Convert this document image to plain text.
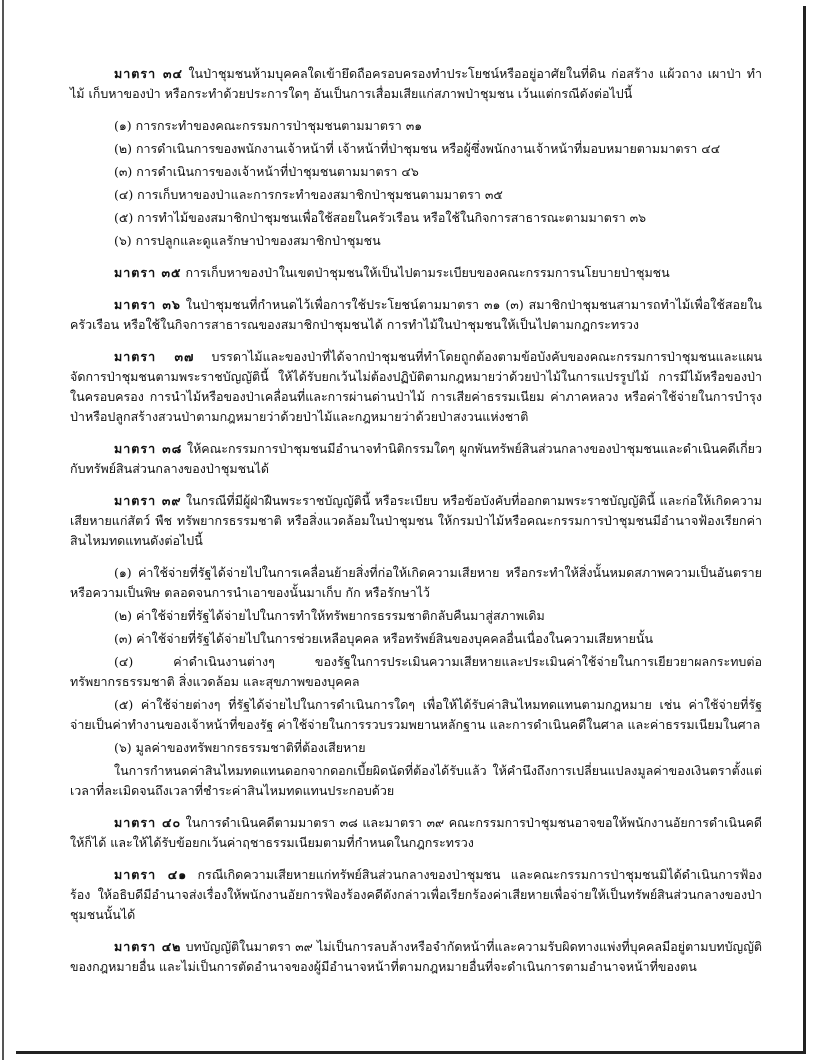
มาตรา ๓๔ ในป่าชุมชนห้ามบุคคลใดเข้ายึดถือครอบครองทำประโยชน์หรืออยู่อาศัยในที่ดิน ก่อสร้าง แผ้วถาง เผาป่า ทำไม้ เก็บหาของป่า หรือกระทำด้วยประการใดๆ อันเป็นการเสื่อมเสียแก่สภาพป่าชุมชน เว้นแต่กรณีดังต่อไปนี้

(๑) การกระทำของคณะกรรมการป่าชุมชนตามมาตรา ๓๑

(๒) การดำเนินการของพนักงานเจ้าหน้าที่ เจ้าหน้าที่ป่าชุมชน หรือผู้ซึ่งพนักงานเจ้าหน้าที่มอบหมายตามมาตรา ๔๔

(๓) การดำเนินการของเจ้าหน้าที่ป่าชุมชนตามมาตรา ๔๖

(๔) การเก็บหาของป่าและการกระทำของสมาชิกป่าชุมชนตามมาตรา ๓๕

(๕) การทำไม้ของสมาชิกป่าชุมชนเพื่อใช้สอยในครัวเรือน หรือใช้ในกิจการสาธารณะตามมาตรา ๓๖

(๖) การปลูกและดูแลรักษาป่าของสมาชิกป่าชุมชน

มาตรา ๓๕ การเก็บหาของป่าในเขตป่าชุมชนให้เป็นไปตามระเบียบของคณะกรรมการนโยบายป่าชุมชน

มาตรา ๓๖ ในป่าชุมชนที่กำหนดไว้เพื่อการใช้ประโยชน์ตามมาตรา ๓๑ (๓) สมาชิกป่าชุมชนสามารถทำไม้เพื่อใช้สอยในครัวเรือน หรือใช้ในกิจการสาธารณของสมาชิกป่าชุมชนได้ การทำไม้ในป่าชุมชนให้เป็นไปตามกฎกระทรวง

มาตรา ๓๗ บรรดาไม้และของป่าที่ได้จากป่าชุมชนที่ทำโดยถูกต้องตามข้อบังคับของคณะกรรมการป่าชุมชนและแผนจัดการป่าชุมชนตามพระราชบัญญัตินี้ ให้ได้รับยกเว้นไม่ต้องปฏิบัติตามกฎหมายว่าด้วยป่าไม้ในการแปรรูปไม้ การมีไม้หรือของป่าในครอบครอง การนำไม้หรือของป่าเคลื่อนที่และการผ่านด่านป่าไม้ การเสียค่าธรรมเนียม ค่าภาคหลวง หรือค่าใช้จ่ายในการบำรุงป่าหรือปลูกสร้างสวนป่าตามกฎหมายว่าด้วยป่าไม้และกฎหมายว่าด้วยป่าสงวนแห่งชาติ

มาตรา ๓๘ ให้คณะกรรมการป่าชุมชนมีอำนาจทำนิติกรรมใดๆ ผูกพันทรัพย์สินส่วนกลางของป่าชุมชนและดำเนินคดีเกี่ยวกับทรัพย์สินส่วนกลางของป่าชุมชนได้

มาตรา ๓๙ ในกรณีที่มีผู้ฝ่าฝืนพระราชบัญญัตินี้ หรือระเบียบ หรือข้อบังคับที่ออกตามพระราชบัญญัตินี้ และก่อให้เกิดความเสียหายแก่สัตว์ พืช ทรัพยากรธรรมชาติ หรือสิ่งแวดล้อมในป่าชุมชน ให้กรมป่าไม้หรือคณะกรรมการป่าชุมชนมีอำนาจฟ้องเรียกค่าสินไหมทดแทนดังต่อไปนี้

(๑) ค่าใช้จ่ายที่รัฐได้จ่ายไปในการเคลื่อนย้ายสิ่งที่ก่อให้เกิดความเสียหาย หรือกระทำให้สิ่งนั้นหมดสภาพความเป็นอันตราย หรือความเป็นพิษ ตลอดจนการนำเอาของนั้นมาเก็บ กัก หรือรักษาไว้

(๒) ค่าใช้จ่ายที่รัฐได้จ่ายไปในการทำให้ทรัพยากรธรรมชาติกลับคืนมาสู่สภาพเดิม

(๓) ค่าใช้จ่ายที่รัฐได้จ่ายไปในการช่วยเหลือบุคคล หรือทรัพย์สินของบุคคลอื่นเนื่องในความเสียหายนั้น

(๔) ค่าดำเนินงานต่างๆ ของรัฐในการประเมินความเสียหายและประเมินค่าใช้จ่ายในการเยียวยาผลกระทบต่อทรัพยากรธรรมชาติ สิ่งแวดล้อม และสุขภาพของบุคคล

(๕) ค่าใช้จ่ายต่างๆ ที่รัฐได้จ่ายไปในการดำเนินการใดๆ เพื่อให้ได้รับค่าสินไหมทดแทนตามกฎหมาย เช่น ค่าใช้จ่ายที่รัฐจ่ายเป็นค่าทำงานของเจ้าหน้าที่ของรัฐ ค่าใช้จ่ายในการรวบรวมพยานหลักฐาน และการดำเนินคดีในศาล และค่าธรรมเนียมในศาล

(๖) มูลค่าของทรัพยากรธรรมชาติที่ต้องเสียหาย

ในการกำหนดค่าสินไหมทดแทนดอกจากดอกเบี้ยผิดนัดที่ต้องได้รับแล้ว ให้คำนึงถึงการเปลี่ยนแปลงมูลค่าของเงินตราตั้งแต่เวลาที่ละเมิดจนถึงเวลาที่ชำระค่าสินไหมทดแทนประกอบด้วย

มาตรา ๔๐ ในการดำเนินคดีตามมาตรา ๓๘ และมาตรา ๓๙ คณะกรรมการป่าชุมชนอาจขอให้พนักงานอัยการดำเนินคดีให้ก็ได้ และให้ได้รับข้อยกเว้นค่าฤชาธรรมเนียมตามที่กำหนดในกฎกระทรวง

มาตรา ๔๑ กรณีเกิดความเสียหายแก่ทรัพย์สินส่วนกลางของป่าชุมชน และคณะกรรมการป่าชุมชนมิได้ดำเนินการฟ้องร้อง ให้อธิบดีมีอำนาจส่งเรื่องให้พนักงานอัยการฟ้องร้องคดีดังกล่าวเพื่อเรียกร้องค่าเสียหายเพื่อจ่ายให้เป็นทรัพย์สินส่วนกลางของป่าชุมชนนั้นได้

มาตรา ๔๒ บทบัญญัติในมาตรา ๓๙ ไม่เป็นการลบล้างหรือจำกัดหน้าที่และความรับผิดทางแพ่งที่บุคคลมีอยู่ตามบทบัญญัติของกฎหมายอื่น และไม่เป็นการตัดอำนาจของผู้มีอำนาจหน้าที่ตามกฎหมายอื่นที่จะดำเนินการตามอำนาจหน้าที่ของตน
